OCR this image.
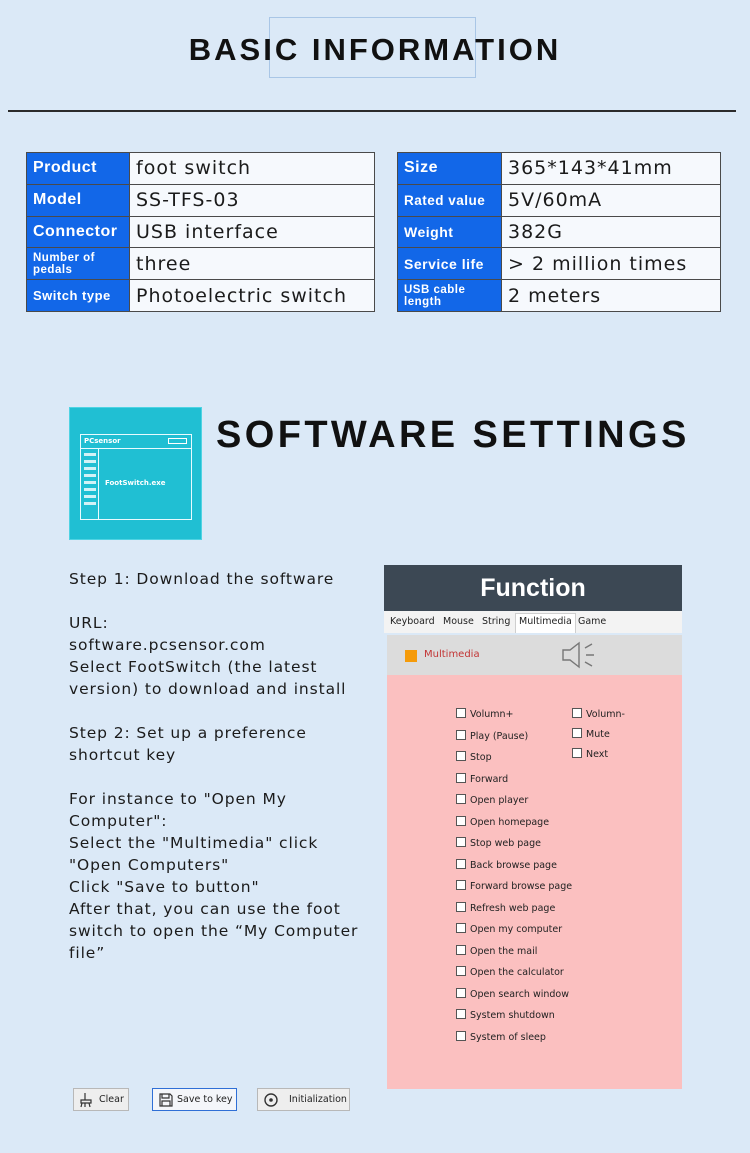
BASIC INFORMATION
Product	foot switch
Model	SS-TFS-03
Connector	USB interface
Number of pedals	three
Switch type	Photoelectric switch
Size	365*143*41mm
Rated value	5V/60mA
Weight	382G
Service life	> 2 million times
USB cable length	2 meters
PCsensor
FootSwitch.exe
SOFTWARE SETTINGS

Step 1: Download the software

URL:
software.pcsensor.com
Select FootSwitch (the latest version) to download and install

Step 2: Set up a preference shortcut key

For instance to "Open My Computer":
Select the "Multimedia" click "Open Computers"
Click "Save to button"
After that, you can use the foot switch to open the “My Computer file”

Function
Keyboard Mouse String Multimedia Game
Multimedia
Volumn+
Play (Pause)
Stop
Forward
Open player
Open homepage
Stop web page
Back browse page
Forward browse page
Refresh web page
Open my computer
Open the mail
Open the calculator
Open search window
System shutdown
System of sleep
Volumn-
Mute
Next
Clear	Save to key	Initialization
